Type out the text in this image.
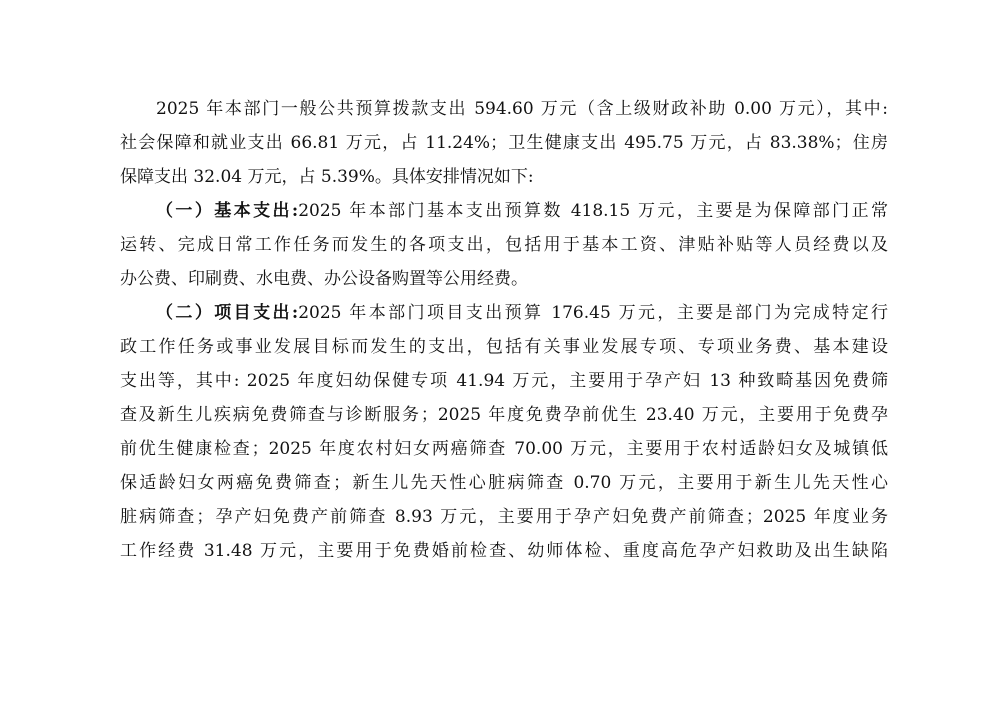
2025 年本部门一般公共预算拨款支出 594.60 万元（含上级财政补助 0.00 万元），其中:
社会保障和就业支出 66.81 万元，占 11.24%；卫生健康支出 495.75 万元，占 83.38%；住房
保障支出 32.04 万元，占 5.39%。具体安排情况如下:
（一）基本支出:2025 年本部门基本支出预算数 418.15 万元，主要是为保障部门正常
运转、完成日常工作任务而发生的各项支出，包括用于基本工资、津贴补贴等人员经费以及
办公费、印刷费、水电费、办公设备购置等公用经费。
（二）项目支出:2025 年本部门项目支出预算 176.45 万元，主要是部门为完成特定行
政工作任务或事业发展目标而发生的支出，包括有关事业发展专项、专项业务费、基本建设
支出等，其中: 2025 年度妇幼保健专项 41.94 万元，主要用于孕产妇 13 种致畸基因免费筛
查及新生儿疾病免费筛查与诊断服务；2025 年度免费孕前优生 23.40 万元，主要用于免费孕
前优生健康检查；2025 年度农村妇女两癌筛查 70.00 万元，主要用于农村适龄妇女及城镇低
保适龄妇女两癌免费筛查；新生儿先天性心脏病筛查 0.70 万元，主要用于新生儿先天性心
脏病筛查；孕产妇免费产前筛查 8.93 万元，主要用于孕产妇免费产前筛查；2025 年度业务
工作经费 31.48 万元，主要用于免费婚前检查、幼师体检、重度高危孕产妇救助及出生缺陷
